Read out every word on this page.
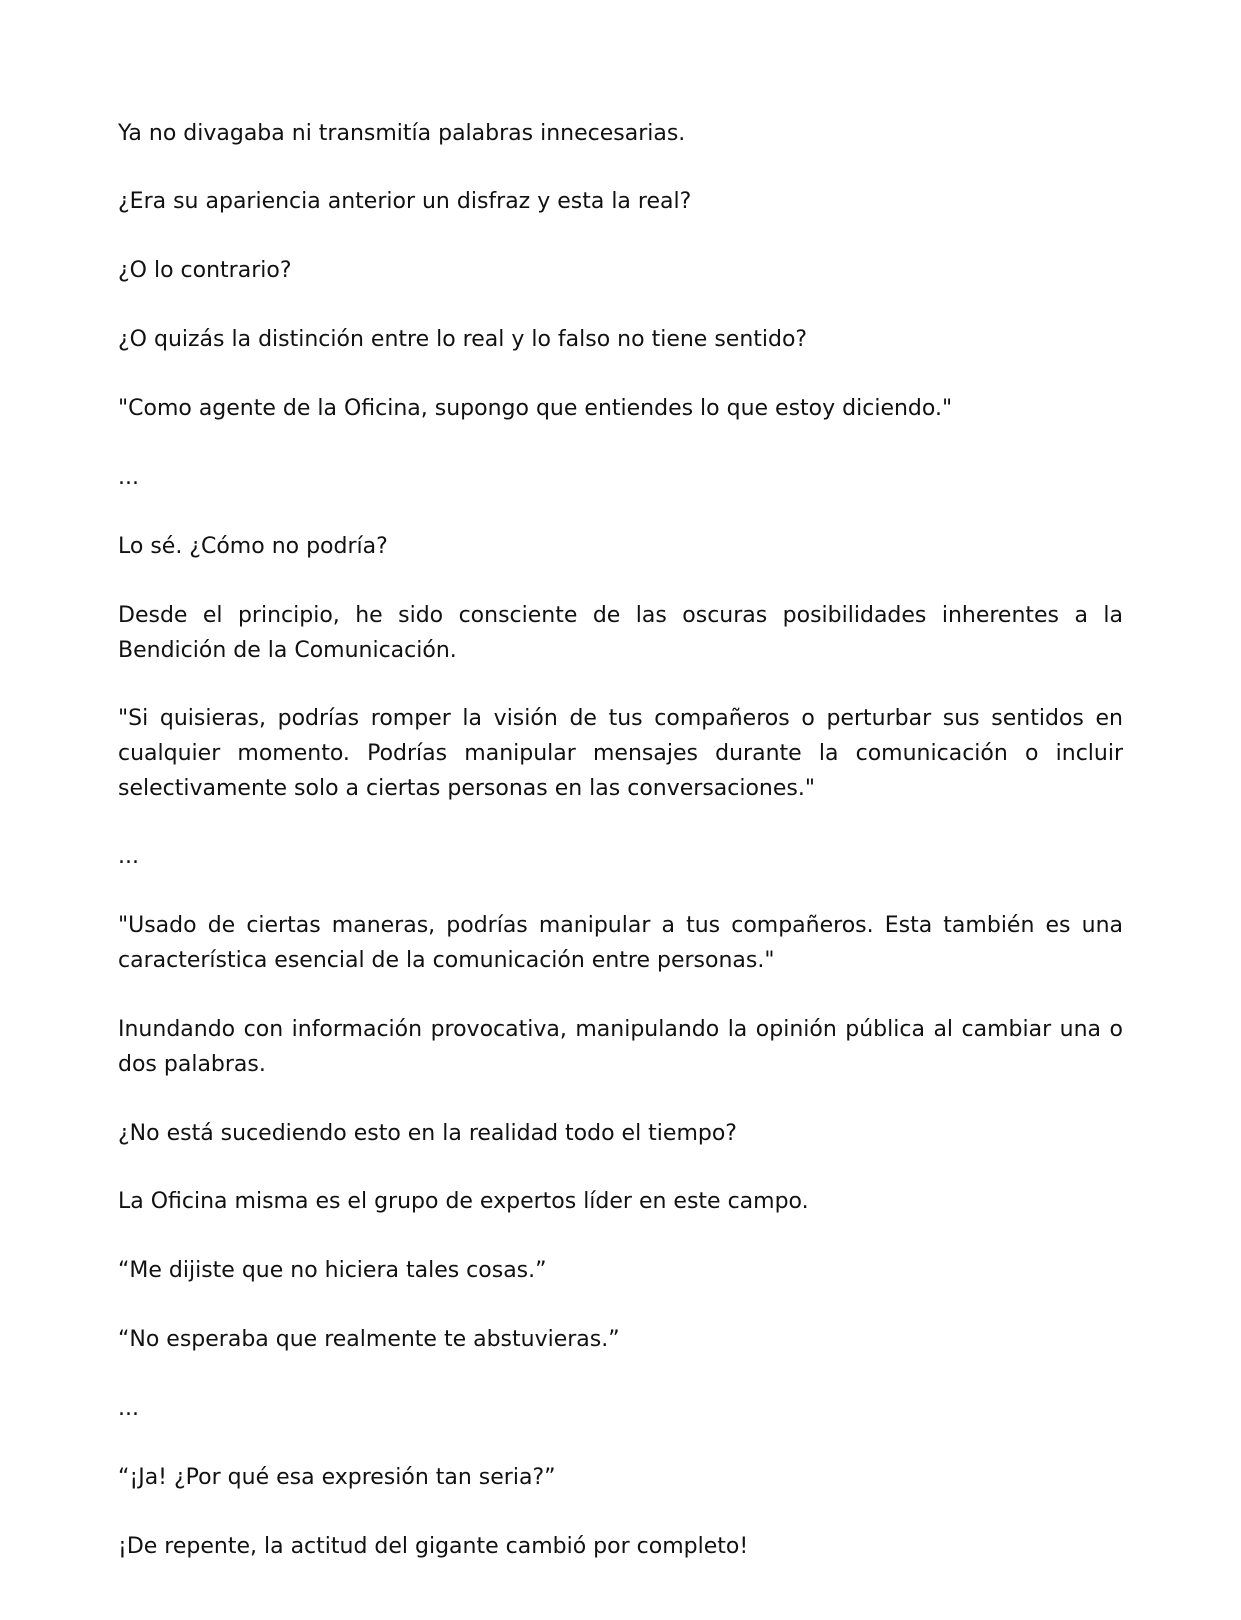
Ya no divagaba ni transmitía palabras innecesarias.

¿Era su apariencia anterior un disfraz y esta la real?

¿O lo contrario?

¿O quizás la distinción entre lo real y lo falso no tiene sentido?

"Como agente de la Oficina, supongo que entiendes lo que estoy diciendo."

...

Lo sé. ¿Cómo no podría?

Desde el principio, he sido consciente de las oscuras posibilidades inherentes a la Bendición de la Comunicación.

"Si quisieras, podrías romper la visión de tus compañeros o perturbar sus sentidos en cualquier momento. Podrías manipular mensajes durante la comunicación o incluir selectivamente solo a ciertas personas en las conversaciones."

...

"Usado de ciertas maneras, podrías manipular a tus compañeros. Esta también es una característica esencial de la comunicación entre personas."

Inundando con información provocativa, manipulando la opinión pública al cambiar una o dos palabras.

¿No está sucediendo esto en la realidad todo el tiempo?

La Oficina misma es el grupo de expertos líder en este campo.

“Me dijiste que no hiciera tales cosas.”

“No esperaba que realmente te abstuvieras.”

...

“¡Ja! ¿Por qué esa expresión tan seria?”

¡De repente, la actitud del gigante cambió por completo!
